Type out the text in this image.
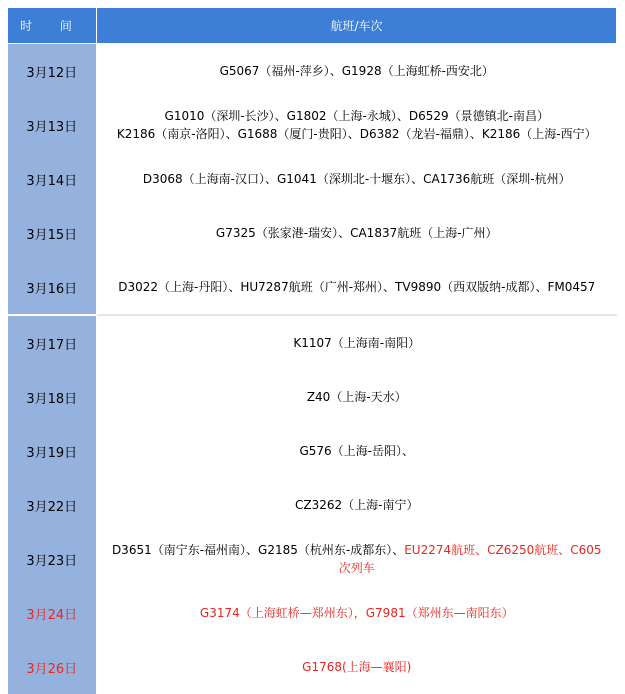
时 间	航班/车次
3月12日	G5067（福州-萍乡）、G1928（上海虹桥-西安北）
3月13日	G1010（深圳-长沙）、G1802（上海-永城）、D6529（景德镇北-南昌）
K2186（南京-洛阳）、G1688（厦门-贵阳）、D6382（龙岩-福鼎）、K2186（上海-西宁）
3月14日	D3068（上海南-汉口）、G1041（深圳北-十堰东）、CA1736航班（深圳-杭州）
3月15日	G7325（张家港-瑞安）、CA1837航班（上海-广州）
3月16日	D3022（上海-丹阳）、HU7287航班（广州-郑州）、TV9890（西双版纳-成都）、FM0457
3月17日	K1107（上海南-南阳）
3月18日	Z40（上海-天水）
3月19日	G576（上海-岳阳）、
3月22日	CZ3262（上海-南宁）
3月23日	D3651（南宁东-福州南）、G2185（杭州东-成都东）、EU2274航班、CZ6250航班、C605
次列车
3月24日	G3174（上海虹桥—郑州东），G7981（郑州东—南阳东）
3月26日	G1768(上海—襄阳)
